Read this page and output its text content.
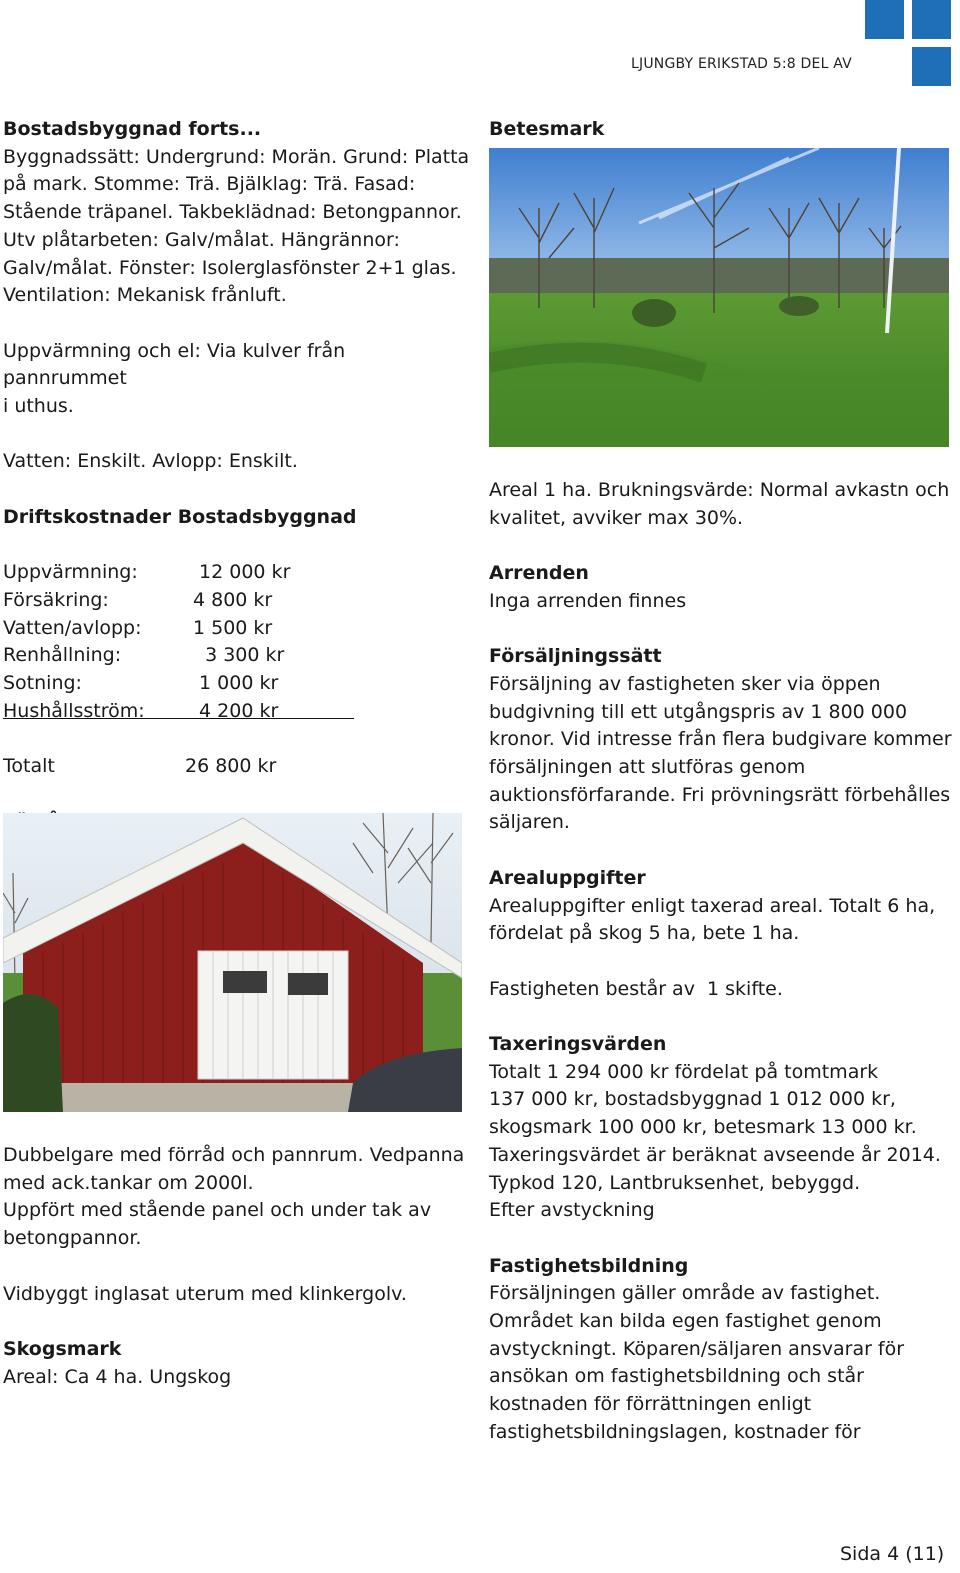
LJUNGBY ERIKSTAD 5:8 DEL AV

Bostadsbyggnad forts...

Byggnadssätt: Undergrund: Morän. Grund: Platta
på mark. Stomme: Trä. Bjälklag: Trä. Fasad:
Stående träpanel. Takbeklädnad: Betongpannor.
Utv plåtarbeten: Galv/målat. Hängrännor:
Galv/målat. Fönster: Isolerglasfönster 2+1 glas.
Ventilation: Mekanisk frånluft.

Uppvärmning och el: Via kulver från pannrummet
i uthus.

Vatten: Enskilt. Avlopp: Enskilt.

Driftskostnader Bostadsbyggnad

Uppvärmning:	12 000 kr
Försäkring:	4 800 kr
Vatten/avlopp:	1 500 kr
Renhållning:	3 300 kr
Sotning:	1 000 kr
Hushållsström:	4 200 kr
Totalt	26 800 kr

Dubbelgare med förråd och pannrum. Vedpanna
med ack.tankar om 2000l.
Uppfört med stående panel och under tak av
betongpannor.

Vidbyggt inglasat uterum med klinkergolv.

Skogsmark

Areal: Ca 4 ha. Ungskog

Betesmark

Areal 1 ha. Brukningsvärde: Normal avkastn och
kvalitet, avviker max 30%.

Arrenden

Inga arrenden finnes

Försäljningssätt

Försäljning av fastigheten sker via öppen
budgivning till ett utgångspris av 1 800 000
kronor. Vid intresse från flera budgivare kommer
försäljningen att slutföras genom
auktionsförfarande. Fri prövningsrätt förbehålles
säljaren.

Arealuppgifter

Arealuppgifter enligt taxerad areal. Totalt 6 ha,
fördelat på skog 5 ha, bete 1 ha.

Fastigheten består av  1 skifte.

Taxeringsvärden

Totalt 1 294 000 kr fördelat på tomtmark
137 000 kr, bostadsbyggnad 1 012 000 kr,
skogsmark 100 000 kr, betesmark 13 000 kr.
Taxeringsvärdet är beräknat avseende år 2014.
Typkod 120, Lantbruksenhet, bebyggd.
Efter avstyckning

Fastighetsbildning

Försäljningen gäller område av fastighet.
Området kan bilda egen fastighet genom
avstyckningt. Köparen/säljaren ansvarar för
ansökan om fastighetsbildning och står
kostnaden för förrättningen enligt
fastighetsbildningslagen, kostnader för

Sida 4 (11)
